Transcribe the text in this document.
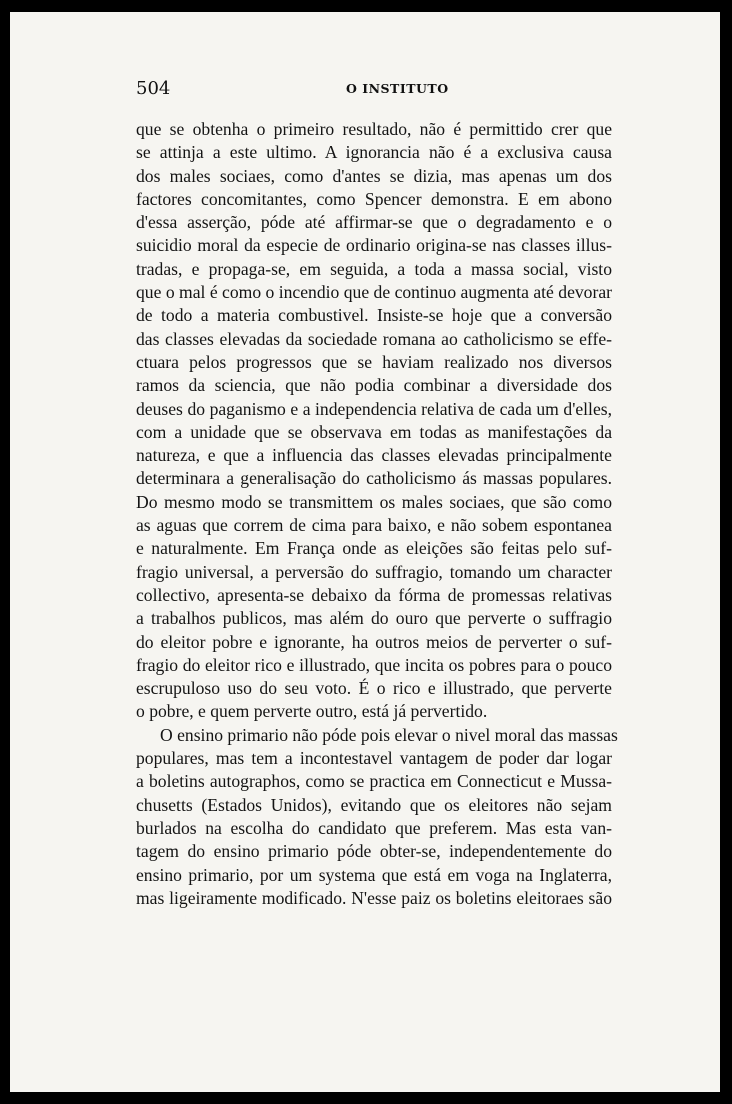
504	O INSTITUTO
que se obtenha o primeiro resultado, não é permittido crer que
se attinja a este ultimo. A ignorancia não é a exclusiva causa
dos males sociaes, como d'antes se dizia, mas apenas um dos
factores concomitantes, como Spencer demonstra. E em abono
d'essa asserção, póde até affirmar-se que o degradamento e o
suicidio moral da especie de ordinario origina-se nas classes illus-
tradas, e propaga-se, em seguida, a toda a massa social, visto
que o mal é como o incendio que de continuo augmenta até devorar
de todo a materia combustivel. Insiste-se hoje que a conversão
das classes elevadas da sociedade romana ao catholicismo se effe-
ctuara pelos progressos que se haviam realizado nos diversos
ramos da sciencia, que não podia combinar a diversidade dos
deuses do paganismo e a independencia relativa de cada um d'elles,
com a unidade que se observava em todas as manifestações da
natureza, e que a influencia das classes elevadas principalmente
determinara a generalisação do catholicismo ás massas populares.
Do mesmo modo se transmittem os males sociaes, que são como
as aguas que correm de cima para baixo, e não sobem espontanea
e naturalmente. Em França onde as eleições são feitas pelo suf-
fragio universal, a perversão do suffragio, tomando um character
collectivo, apresenta-se debaixo da fórma de promessas relativas
a trabalhos publicos, mas além do ouro que perverte o suffragio
do eleitor pobre e ignorante, ha outros meios de perverter o suf-
fragio do eleitor rico e illustrado, que incita os pobres para o pouco
escrupuloso uso do seu voto. É o rico e illustrado, que perverte
o pobre, e quem perverte outro, está já pervertido.
O ensino primario não póde pois elevar o nivel moral das massas
populares, mas tem a incontestavel vantagem de poder dar logar
a boletins autographos, como se practica em Connecticut e Mussa-
chusetts (Estados Unidos), evitando que os eleitores não sejam
burlados na escolha do candidato que preferem. Mas esta van-
tagem do ensino primario póde obter-se, independentemente do
ensino primario, por um systema que está em voga na Inglaterra,
mas ligeiramente modificado. N'esse paiz os boletins eleitoraes são
